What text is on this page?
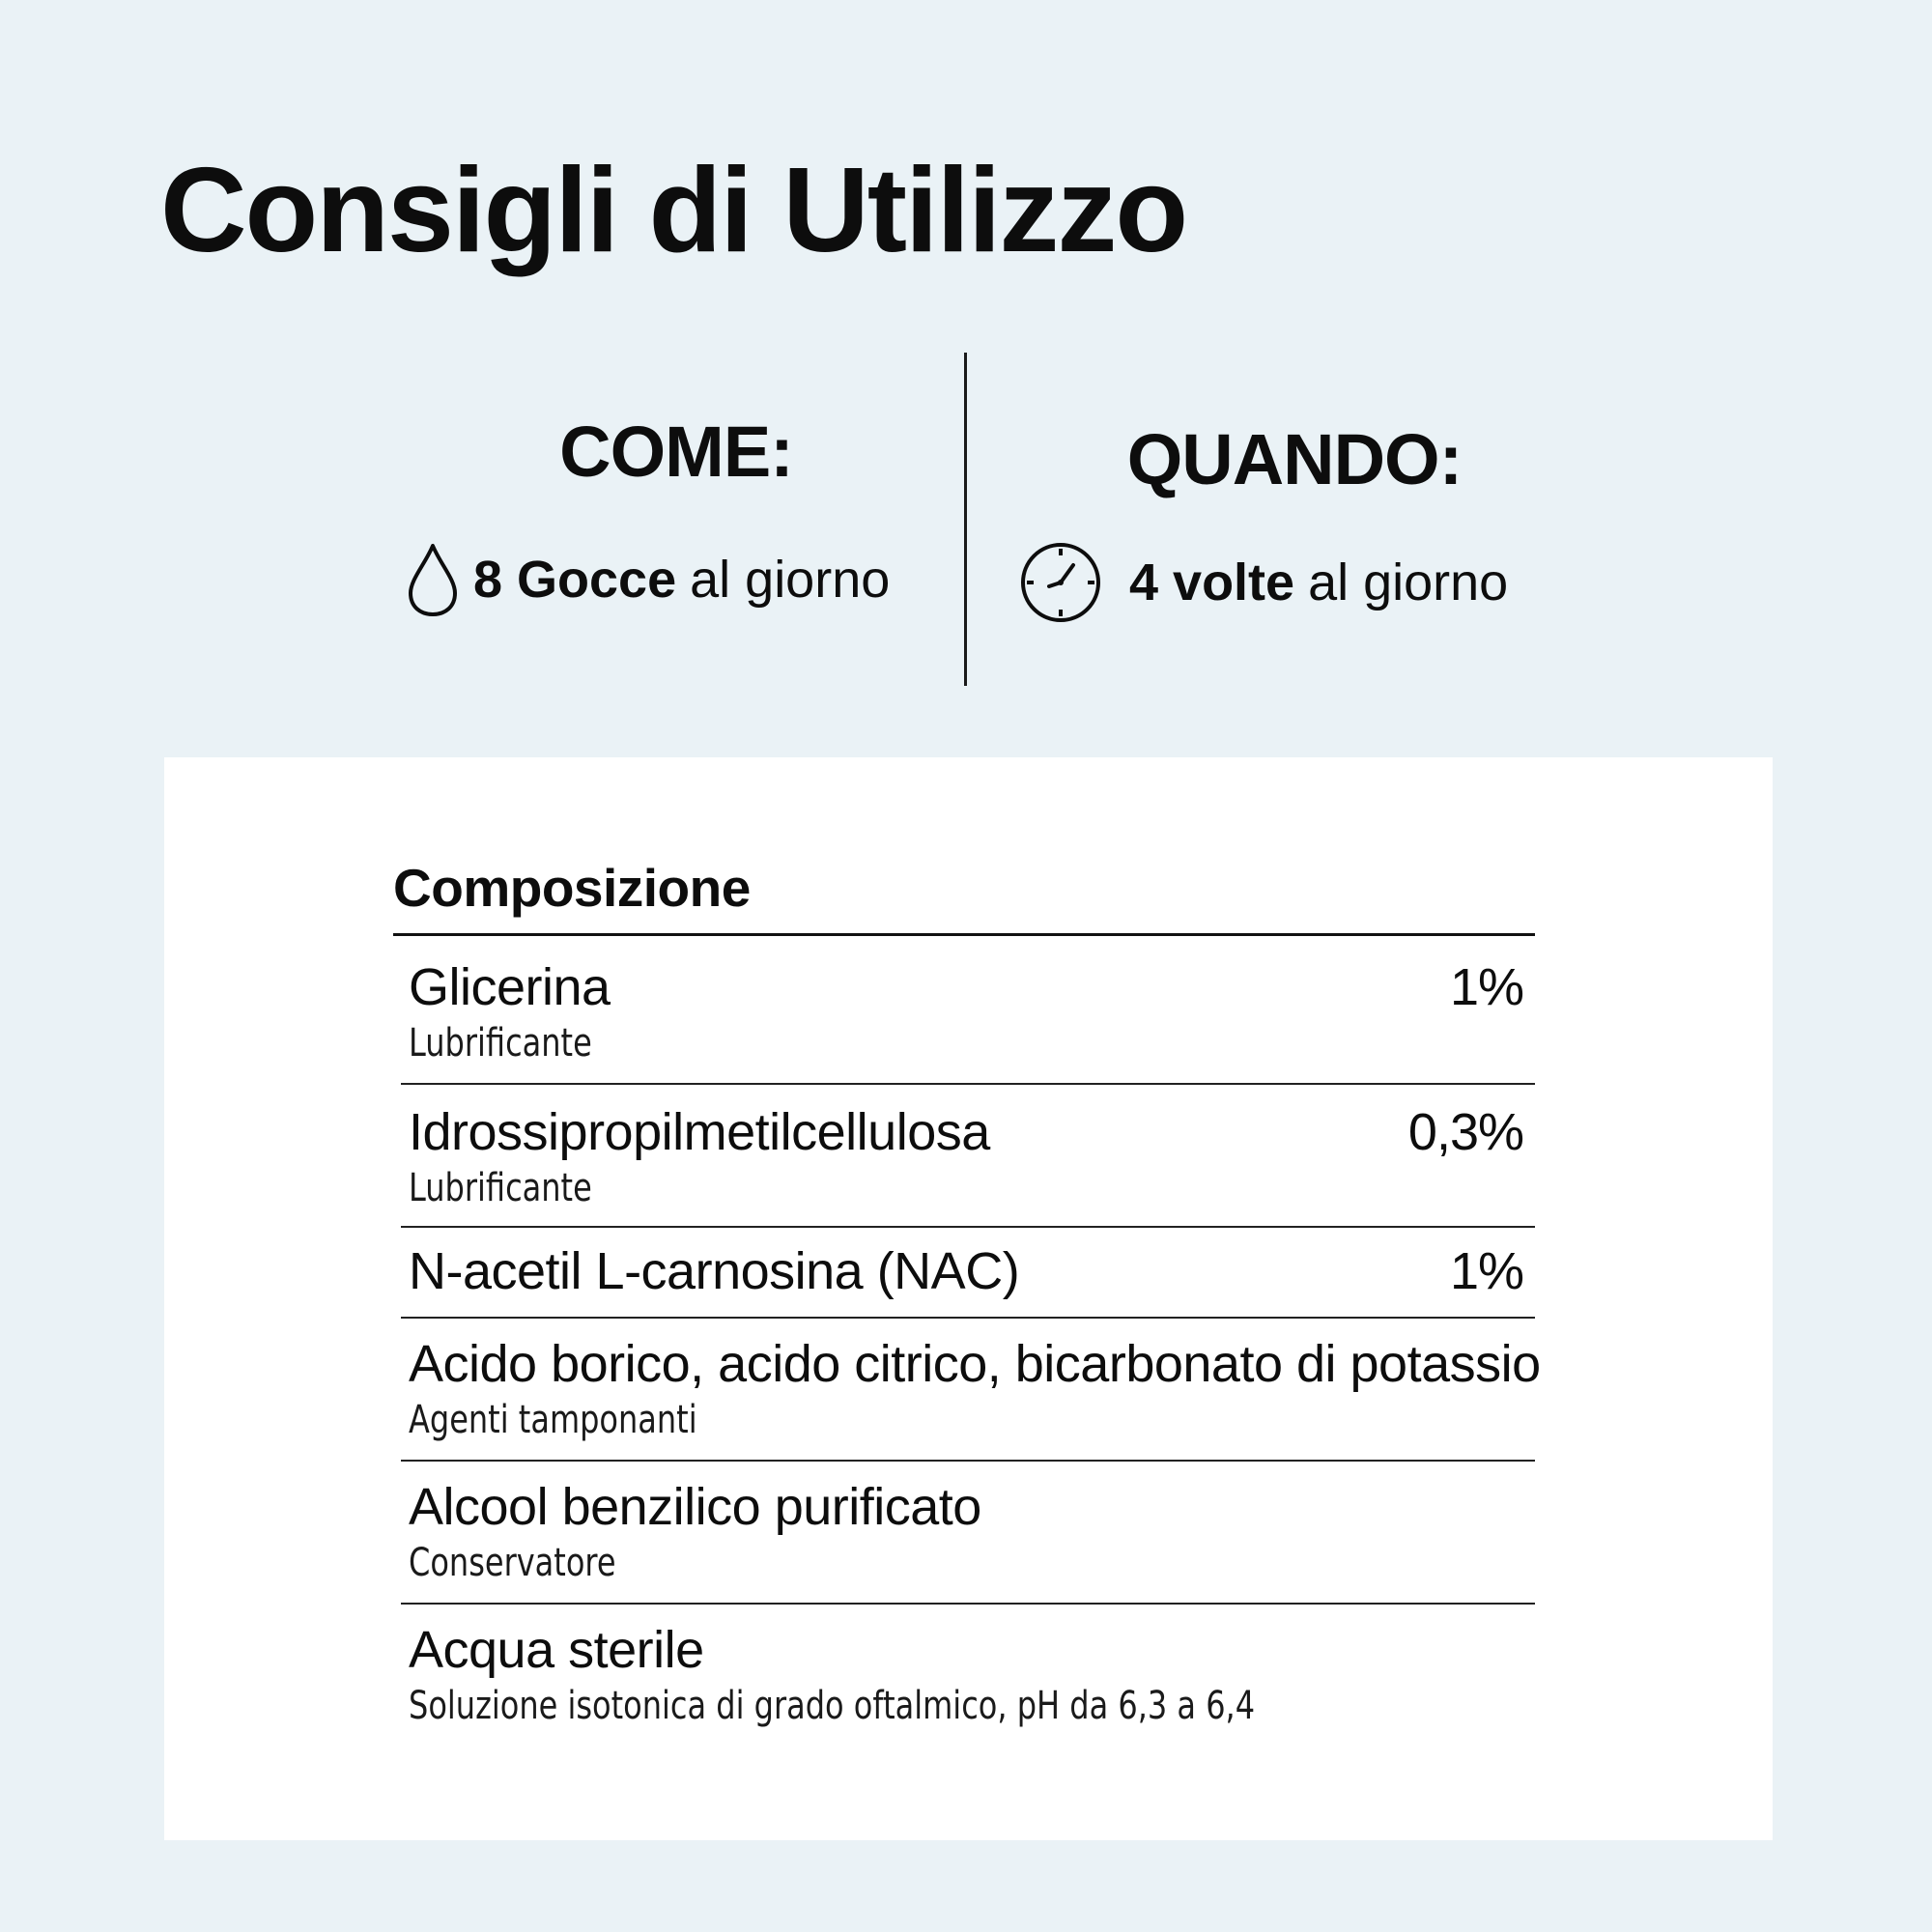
Consigli di Utilizzo
COME:
8 Gocce al giorno
QUANDO:
4 volte al giorno
Composizione
Glicerina
Lubrificante
1%
Idrossipropilmetilcellulosa
Lubrificante
0,3%
N-acetil L-carnosina (NAC)	1%
Acido borico, acido citrico, bicarbonato di potassio
Agenti tamponanti
Alcool benzilico purificato
Conservatore
Acqua sterile
Soluzione isotonica di grado oftalmico, pH da 6,3 a 6,4
